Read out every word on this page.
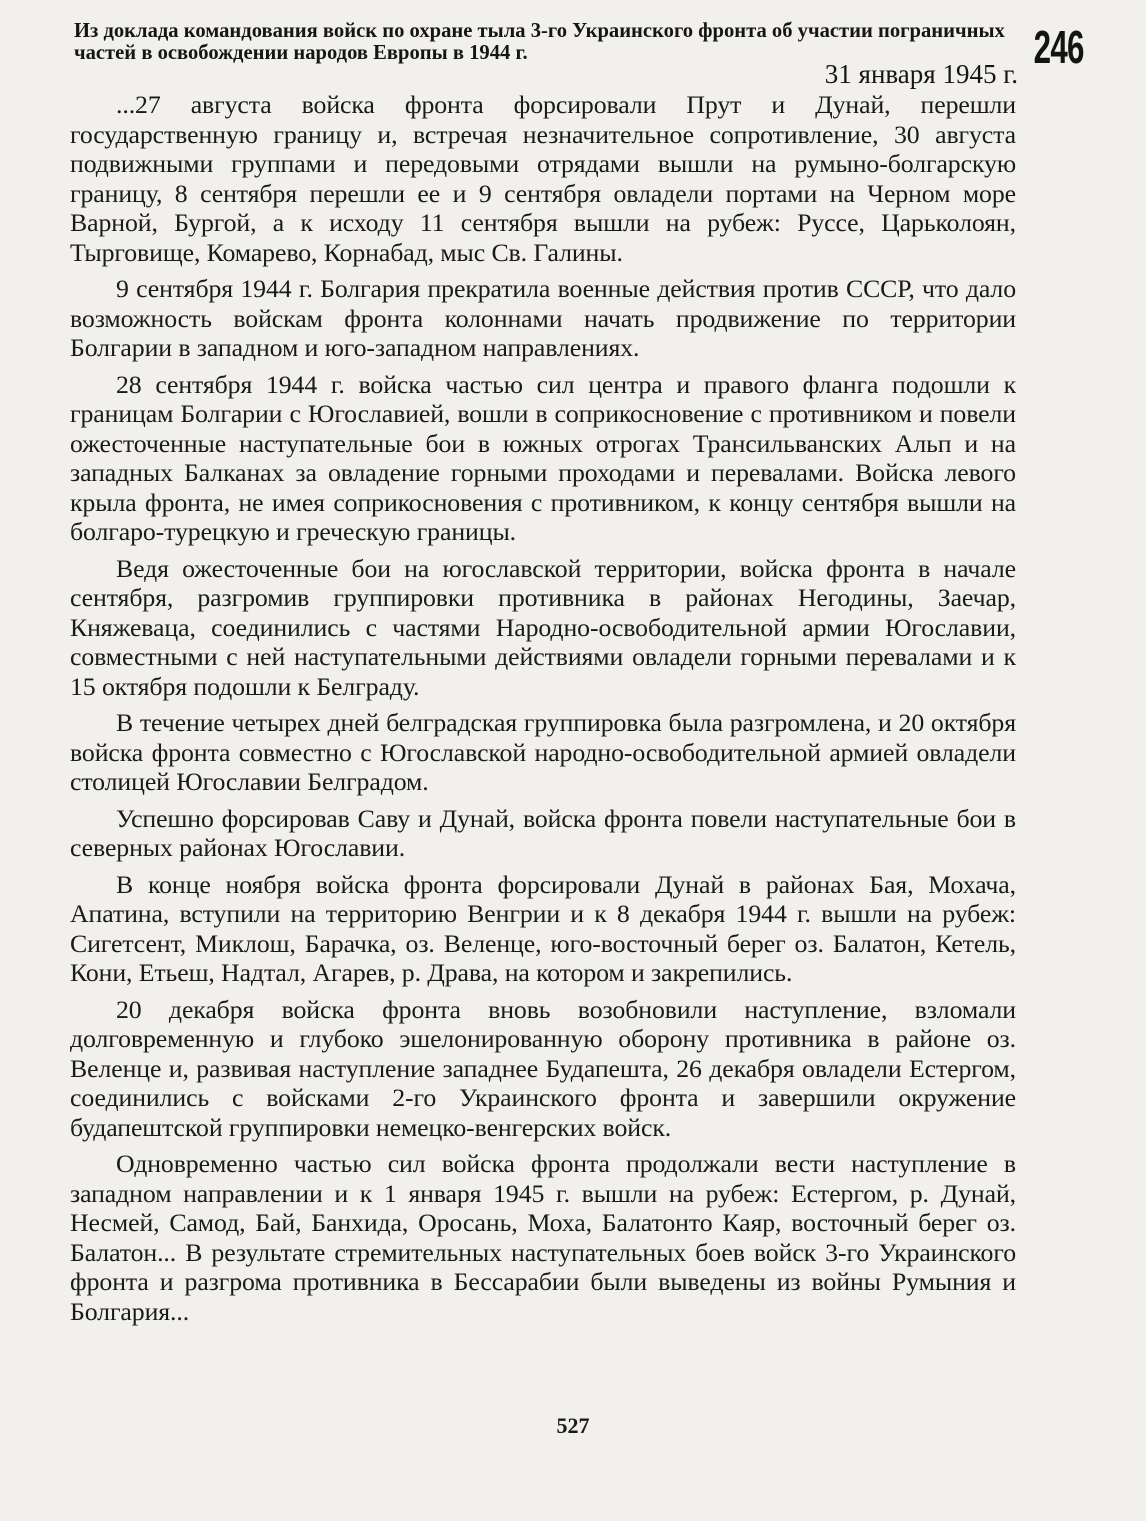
246
Из доклада командования войск по охране тыла 3-го Украинского фронта об участии пограничных частей в освобождении народов Европы в 1944 г.
31 января 1945 г.

...27 августа войска фронта форсировали Прут и Дунай, перешли государственную границу и, встречая незначительное сопротивление, 30 августа подвижными группами и передовыми отрядами вышли на румыно-болгарскую границу, 8 сентября перешли ее и 9 сентября овладели портами на Черном море Варной, Бургой, а к исходу 11 сентября вышли на рубеж: Руссе, Царьколоян, Тырговище, Комарево, Корнабад, мыс Св. Галины.

9 сентября 1944 г. Болгария прекратила военные действия против СССР, что дало возможность войскам фронта колоннами начать продвижение по территории Болгарии в западном и юго-западном направлениях.

28 сентября 1944 г. войска частью сил центра и правого фланга подошли к границам Болгарии с Югославией, вошли в соприкосновение с противником и повели ожесточенные наступательные бои в южных отрогах Трансильванских Альп и на западных Балканах за овладение горными проходами и перевалами. Войска левого крыла фронта, не имея соприкосновения с противником, к концу сентября вышли на болгаро-турецкую и греческую границы.

Ведя ожесточенные бои на югославской территории, войска фронта в начале сентября, разгромив группировки противника в районах Негодины, Заечар, Княжеваца, соединились с частями Народно-освободительной армии Югославии, совместными с ней наступательными действиями овладели горными перевалами и к 15 октября подошли к Белграду.

В течение четырех дней белградская группировка была разгромлена, и 20 октября войска фронта совместно с Югославской народно-освободительной армией овладели столицей Югославии Белградом.

Успешно форсировав Саву и Дунай, войска фронта повели наступательные бои в северных районах Югославии.

В конце ноября войска фронта форсировали Дунай в районах Бая, Мохача, Апатина, вступили на территорию Венгрии и к 8 декабря 1944 г. вышли на рубеж: Сигетсент, Миклош, Барачка, оз. Веленце, юго-восточный берег оз. Балатон, Кетель, Кони, Етьеш, Надтал, Агарев, р. Драва, на котором и закрепились.

20 декабря войска фронта вновь возобновили наступление, взломали долговременную и глубоко эшелонированную оборону противника в районе оз. Веленце и, развивая наступление западнее Будапешта, 26 декабря овладели Естергом, соединились с войсками 2-го Украинского фронта и завершили окружение будапештской группировки немецко-венгерских войск.

Одновременно частью сил войска фронта продолжали вести наступление в западном направлении и к 1 января 1945 г. вышли на рубеж: Естергом, р. Дунай, Несмей, Самод, Бай, Банхида, Оросань, Моха, Балатонто Каяр, восточный берег оз. Балатон... В результате стремительных наступательных боев войск 3-го Украинского фронта и разгрома противника в Бессарабии были выведены из войны Румыния и Болгария...

527
